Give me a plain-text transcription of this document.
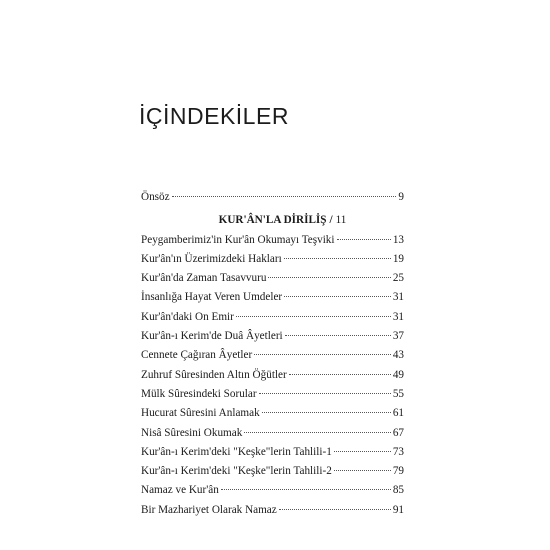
İÇİNDEKİLER
Önsöz	9
KUR'ÂN'LA DİRİLİŞ / 11
Peygamberimiz'in Kur'ân Okumayı Teşviki	13
Kur'ân'ın Üzerimizdeki Hakları	19
Kur'ân'da Zaman Tasavvuru	25
İnsanlığa Hayat Veren Umdeler	31
Kur'ân'daki On Emir	31
Kur'ân-ı Kerim'de Duâ Âyetleri	37
Cennete Çağıran Âyetler	43
Zuhruf Sûresinden Altın Öğütler	49
Mülk Sûresindeki Sorular	55
Hucurat Sûresini Anlamak	61
Nisâ Sûresini Okumak	67
Kur'ân-ı Kerim'deki "Keşke"lerin Tahlili-1	73
Kur'ân-ı Kerim'deki "Keşke"lerin Tahlili-2	79
Namaz ve Kur'ân	85
Bir Mazhariyet Olarak Namaz	91
